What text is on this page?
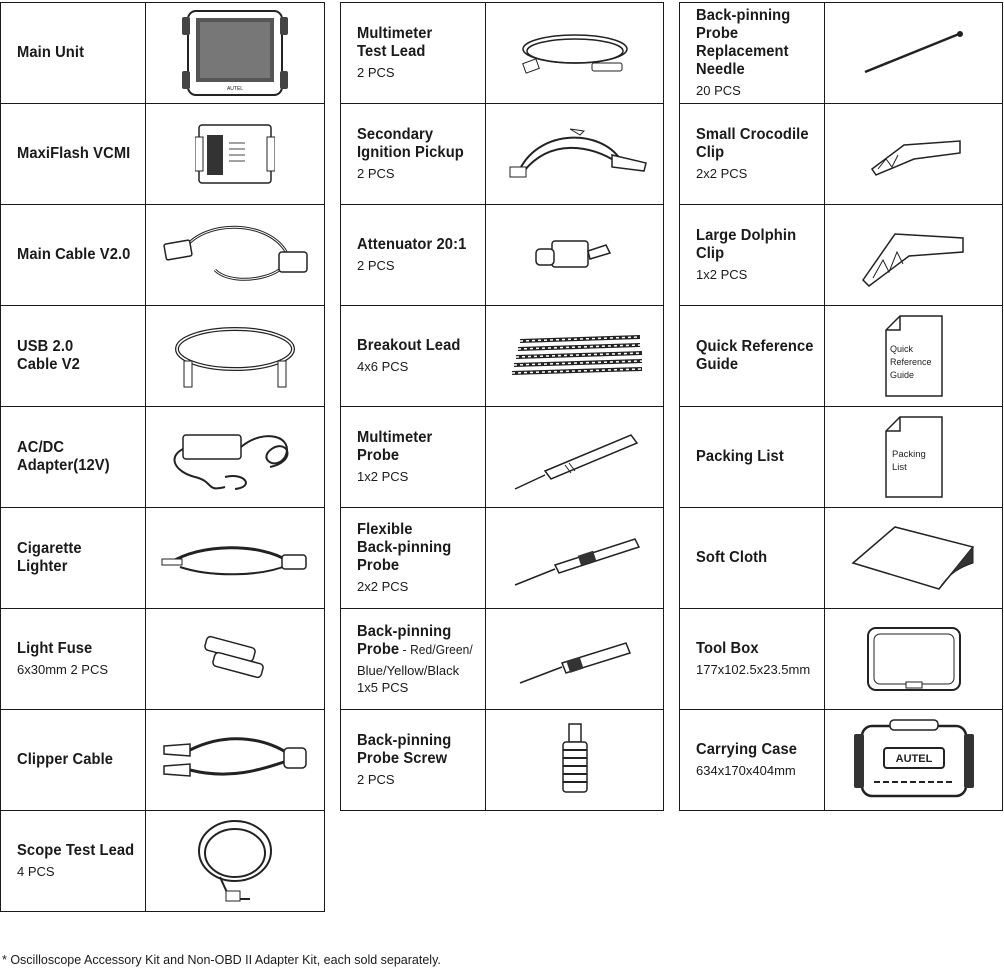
Main Unit	AUTEL

MaxiFlash VCMI

Main Cable V2.0

USB 2.0
Cable V2

AC/DC
Adapter(12V)

Cigarette Lighter

Light Fuse
6x30mm 2 PCS

Clipper Cable

Scope Test Lead
4 PCS

Multimeter
Test Lead
2 PCS

Secondary
Ignition Pickup
2 PCS

Attenuator 20:1
2 PCS

Breakout Lead
4x6 PCS

Multimeter
Probe
1x2 PCS

Flexible
Back-pinning
Probe
2x2 PCS

Back-pinning
Probe - Red/Green/
Blue/Yellow/Black
1x5 PCS

Back-pinning
Probe Screw
2 PCS

Back-pinning
Probe
Replacement
Needle
20 PCS

Small Crocodile
Clip
2x2 PCS

Large Dolphin
Clip
1x2 PCS

Quick Reference
Guide	Quick
Reference
Guide

Packing List	Packing
List

Soft Cloth

Tool Box
177x102.5x23.5mm

Carrying Case
634x170x404mm	AUTEL
* Oscilloscope Accessory Kit and Non-OBD II Adapter Kit, each sold separately.
